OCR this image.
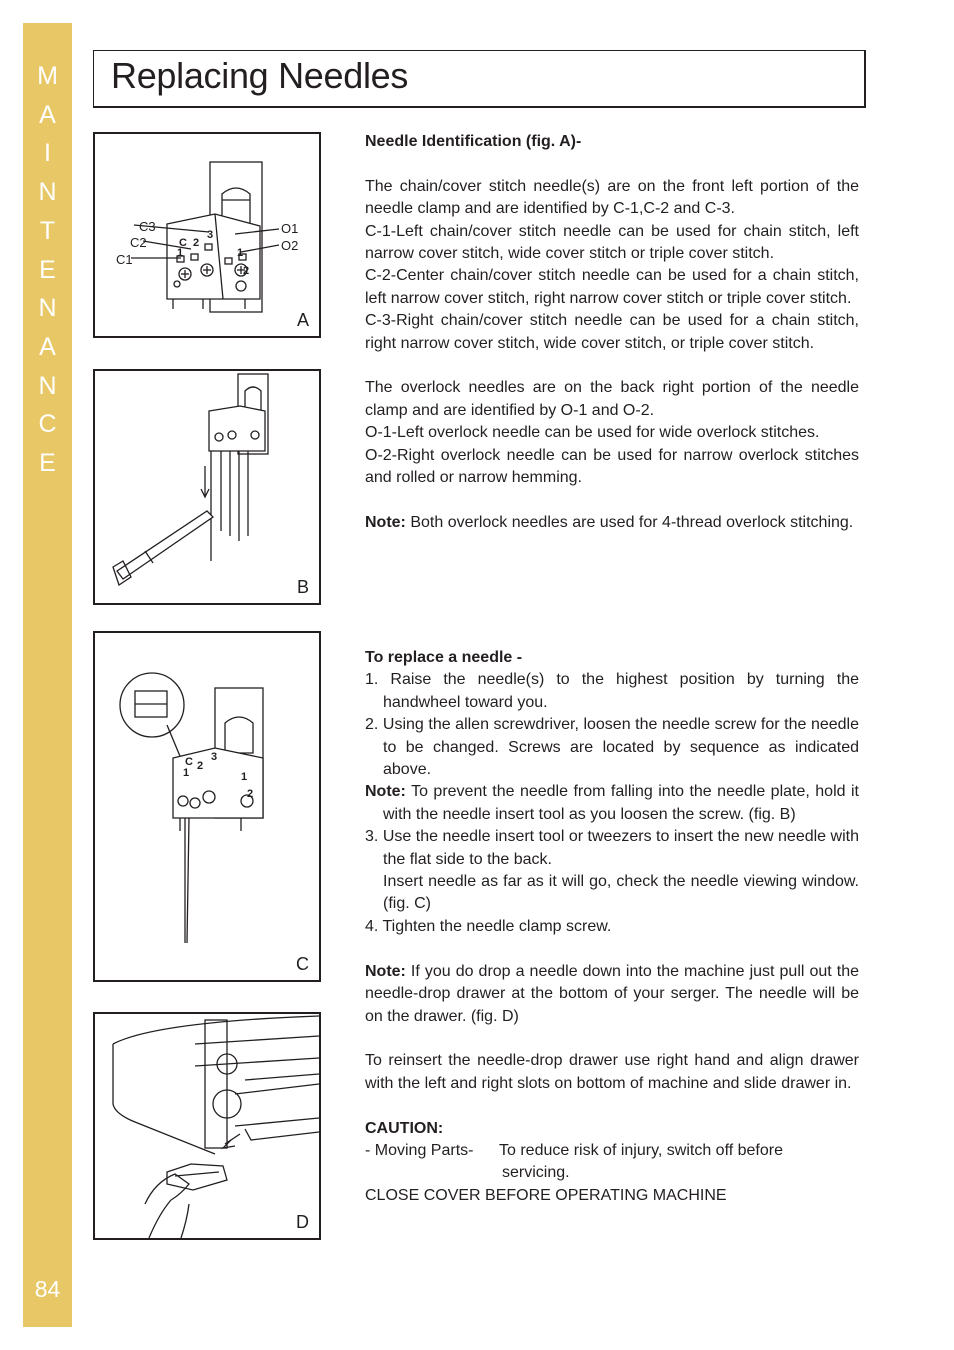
M
A
I
N
T
E
N
A
N
C
E
84
Replacing Needles
C3
C2
C1
O1
O2
C
1
2
3
1
2
A
B
C
1
2
3
1
2
C
D

Needle Identification (fig. A)-

The chain/cover stitch needle(s) are on the front left portion of the needle clamp and are identified by C-1,C-2 and C-3.

C-1-Left chain/cover stitch needle can be used for chain stitch, left narrow cover stitch, wide cover stitch or triple cover stitch.

C-2-Center chain/cover stitch needle can be used for a chain stitch, left narrow cover stitch, right narrow cover stitch or triple cover stitch.

C-3-Right chain/cover stitch needle can be used for a chain stitch, right narrow cover stitch, wide cover stitch, or triple cover stitch.

The overlock needles are on the back right portion of the needle clamp and are identified by O-1 and O-2.

O-1-Left overlock needle can be used for wide overlock stitches.

O-2-Right overlock needle can be used for narrow overlock stitches and rolled or narrow hemming.

Note: Both overlock needles are used for 4-thread overlock stitching.

To replace a needle -

1. Raise the needle(s) to the highest position by turning the handwheel toward you.

2. Using the allen screwdriver, loosen the needle screw for the needle to be changed. Screws are located by sequence as indicated above.

Note: To prevent the needle from falling into the needle plate, hold it with the needle insert tool as you loosen the screw. (fig. B)

3. Use the needle insert tool or tweezers to insert the new needle with the flat side to the back.

Insert needle as far as it will go, check the needle viewing window. (fig. C)

4. Tighten the needle clamp screw.

Note: If you do drop a needle down into the machine just pull out the needle-drop drawer at the bottom of your serger. The needle will be on the drawer. (fig. D)

To reinsert the needle-drop drawer use right hand and align drawer with the left and right slots on bottom of machine and slide drawer in.

CAUTION:

- Moving Parts-	To reduce risk of injury, switch off before
servicing.

CLOSE COVER BEFORE OPERATING MACHINE
